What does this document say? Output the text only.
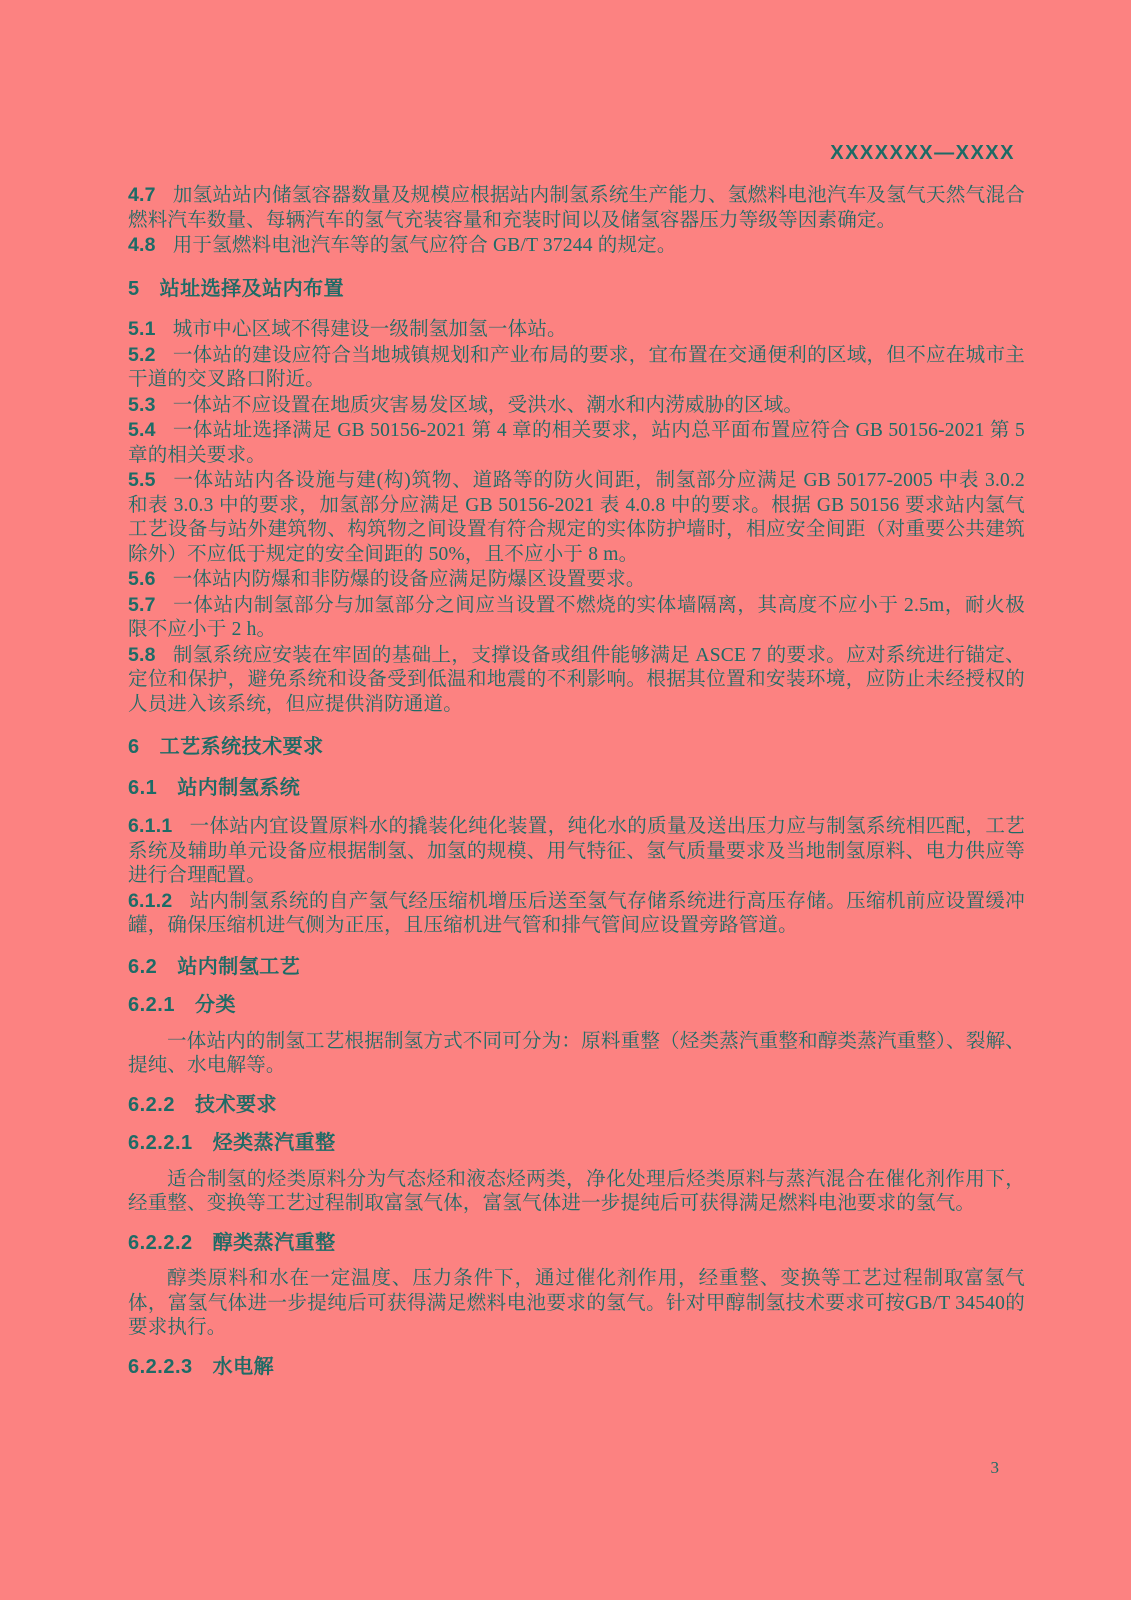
XXXXXXX—XXXX

4.7 加氢站站内储氢容器数量及规模应根据站内制氢系统生产能力、氢燃料电池汽车及氢气天然气混合燃料汽车数量、每辆汽车的氢气充装容量和充装时间以及储氢容器压力等级等因素确定。

4.8 用于氢燃料电池汽车等的氢气应符合 GB/T 37244 的规定。

5 站址选择及站内布置

5.1 城市中心区域不得建设一级制氢加氢一体站。

5.2 一体站的建设应符合当地城镇规划和产业布局的要求，宜布置在交通便利的区域，但不应在城市主干道的交叉路口附近。

5.3 一体站不应设置在地质灾害易发区域，受洪水、潮水和内涝威胁的区域。

5.4 一体站址选择满足 GB 50156-2021 第 4 章的相关要求，站内总平面布置应符合 GB 50156-2021 第 5 章的相关要求。

5.5 一体站站内各设施与建(构)筑物、道路等的防火间距，制氢部分应满足 GB 50177-2005 中表 3.0.2 和表 3.0.3 中的要求，加氢部分应满足 GB 50156-2021 表 4.0.8 中的要求。根据 GB 50156 要求站内氢气工艺设备与站外建筑物、构筑物之间设置有符合规定的实体防护墙时，相应安全间距（对重要公共建筑除外）不应低于规定的安全间距的 50%，且不应小于 8 m。

5.6 一体站内防爆和非防爆的设备应满足防爆区设置要求。

5.7 一体站内制氢部分与加氢部分之间应当设置不燃烧的实体墙隔离，其高度不应小于 2.5m，耐火极限不应小于 2 h。

5.8 制氢系统应安装在牢固的基础上，支撑设备或组件能够满足 ASCE 7 的要求。应对系统进行锚定、定位和保护，避免系统和设备受到低温和地震的不利影响。根据其位置和安装环境，应防止未经授权的人员进入该系统，但应提供消防通道。

6 工艺系统技术要求
6.1 站内制氢系统

6.1.1 一体站内宜设置原料水的撬装化纯化装置，纯化水的质量及送出压力应与制氢系统相匹配，工艺系统及辅助单元设备应根据制氢、加氢的规模、用气特征、氢气质量要求及当地制氢原料、电力供应等进行合理配置。

6.1.2 站内制氢系统的自产氢气经压缩机增压后送至氢气存储系统进行高压存储。压缩机前应设置缓冲罐，确保压缩机进气侧为正压，且压缩机进气管和排气管间应设置旁路管道。

6.2 站内制氢工艺
6.2.1 分类

一体站内的制氢工艺根据制氢方式不同可分为：原料重整（烃类蒸汽重整和醇类蒸汽重整）、裂解、提纯、水电解等。

6.2.2 技术要求
6.2.2.1 烃类蒸汽重整

适合制氢的烃类原料分为气态烃和液态烃两类，净化处理后烃类原料与蒸汽混合在催化剂作用下，经重整、变换等工艺过程制取富氢气体，富氢气体进一步提纯后可获得满足燃料电池要求的氢气。

6.2.2.2 醇类蒸汽重整

醇类原料和水在一定温度、压力条件下，通过催化剂作用，经重整、变换等工艺过程制取富氢气体，富氢气体进一步提纯后可获得满足燃料电池要求的氢气。针对甲醇制氢技术要求可按GB/T 34540的要求执行。

6.2.2.3 水电解
3
